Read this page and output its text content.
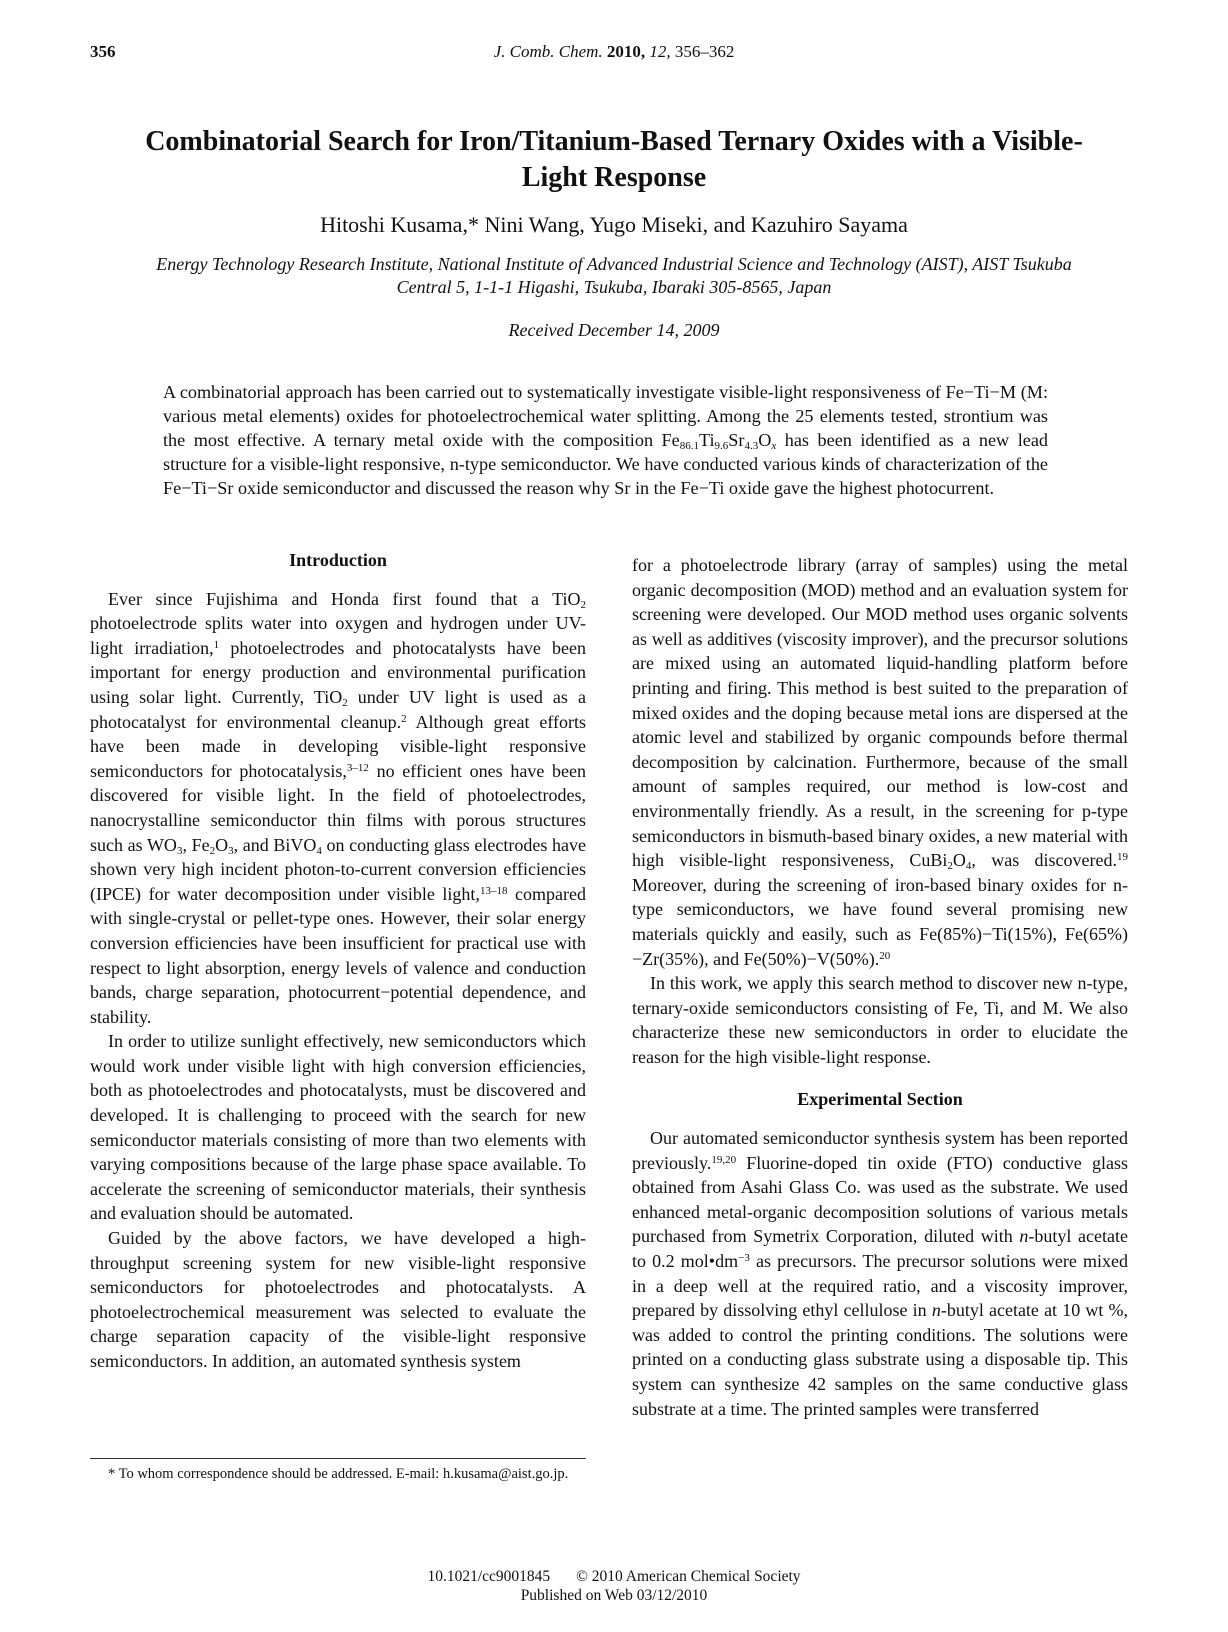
356	J. Comb. Chem. 2010, 12, 356–362
Combinatorial Search for Iron/Titanium-Based Ternary Oxides with a Visible-Light Response
Hitoshi Kusama,* Nini Wang, Yugo Miseki, and Kazuhiro Sayama
Energy Technology Research Institute, National Institute of Advanced Industrial Science and Technology (AIST), AIST Tsukuba Central 5, 1-1-1 Higashi, Tsukuba, Ibaraki 305-8565, Japan
Received December 14, 2009
A combinatorial approach has been carried out to systematically investigate visible-light responsiveness of Fe−Ti−M (M: various metal elements) oxides for photoelectrochemical water splitting. Among the 25 elements tested, strontium was the most effective. A ternary metal oxide with the composition $Fe_{86.1}Ti_{9.6}Sr_{4.3}O_x$ has been identified as a new lead structure for a visible-light responsive, n-type semiconductor. We have conducted various kinds of characterization of the Fe−Ti−Sr oxide semiconductor and discussed the reason why Sr in the Fe−Ti oxide gave the highest photocurrent.
Introduction

Ever since Fujishima and Honda first found that a TiO$_2$ photoelectrode splits water into oxygen and hydrogen under UV-light irradiation,$^1$ photoelectrodes and photocatalysts have been important for energy production and environmental purification using solar light. Currently, TiO$_2$ under UV light is used as a photocatalyst for environmental cleanup.$^2$ Although great efforts have been made in developing visible-light responsive semiconductors for photocatalysis,$^{3-12}$ no efficient ones have been discovered for visible light. In the field of photoelectrodes, nanocrystalline semiconductor thin films with porous structures such as $WO_3$, $Fe_2O_3$, and BiVO$_4$ on conducting glass electrodes have shown very high incident photon-to-current conversion efficiencies (IPCE) for water decomposition under visible light,$^{13-18}$ compared with single-crystal or pellet-type ones. However, their solar energy conversion efficiencies have been insufficient for practical use with respect to light absorption, energy levels of valence and conduction bands, charge separation, photocurrent−potential dependence, and stability.

In order to utilize sunlight effectively, new semiconductors which would work under visible light with high conversion efficiencies, both as photoelectrodes and photocatalysts, must be discovered and developed. It is challenging to proceed with the search for new semiconductor materials consisting of more than two elements with varying compositions because of the large phase space available. To accelerate the screening of semiconductor materials, their synthesis and evaluation should be automated.

Guided by the above factors, we have developed a high-throughput screening system for new visible-light responsive semiconductors for photoelectrodes and photocatalysts. A photoelectrochemical measurement was selected to evaluate the charge separation capacity of the visible-light responsive semiconductors. In addition, an automated synthesis system

for a photoelectrode library (array of samples) using the metal organic decomposition (MOD) method and an evaluation system for screening were developed. Our MOD method uses organic solvents as well as additives (viscosity improver), and the precursor solutions are mixed using an automated liquid-handling platform before printing and firing. This method is best suited to the preparation of mixed oxides and the doping because metal ions are dispersed at the atomic level and stabilized by organic compounds before thermal decomposition by calcination. Furthermore, because of the small amount of samples required, our method is low-cost and environmentally friendly. As a result, in the screening for p-type semiconductors in bismuth-based binary oxides, a new material with high visible-light responsiveness, $CuBi_2O_4$, was discovered.$^{19}$ Moreover, during the screening of iron-based binary oxides for n-type semiconductors, we have found several promising new materials quickly and easily, such as Fe(85%)−Ti(15%), Fe(65%)−Zr(35%), and Fe(50%)−V(50%).$^{20}$

In this work, we apply this search method to discover new n-type, ternary-oxide semiconductors consisting of Fe, Ti, and M. We also characterize these new semiconductors in order to elucidate the reason for the high visible-light response.

Experimental Section

Our automated semiconductor synthesis system has been reported previously.$^{19,20}$ Fluorine-doped tin oxide (FTO) conductive glass obtained from Asahi Glass Co. was used as the substrate. We used enhanced metal-organic decomposition solutions of various metals purchased from Symetrix Corporation, diluted with n-butyl acetate to 0.2 $mol•dm^{-3}$ as precursors. The precursor solutions were mixed in a deep well at the required ratio, and a viscosity improver, prepared by dissolving ethyl cellulose in n-butyl acetate at 10 wt %, was added to control the printing conditions. The solutions were printed on a conducting glass substrate using a disposable tip. This system can synthesize 42 samples on the same conductive glass substrate at a time. The printed samples were transferred

* To whom correspondence should be addressed. E-mail: h.kusama@aist.go.jp.
10.1021/cc9001845 © 2010 American Chemical Society
Published on Web 03/12/2010
